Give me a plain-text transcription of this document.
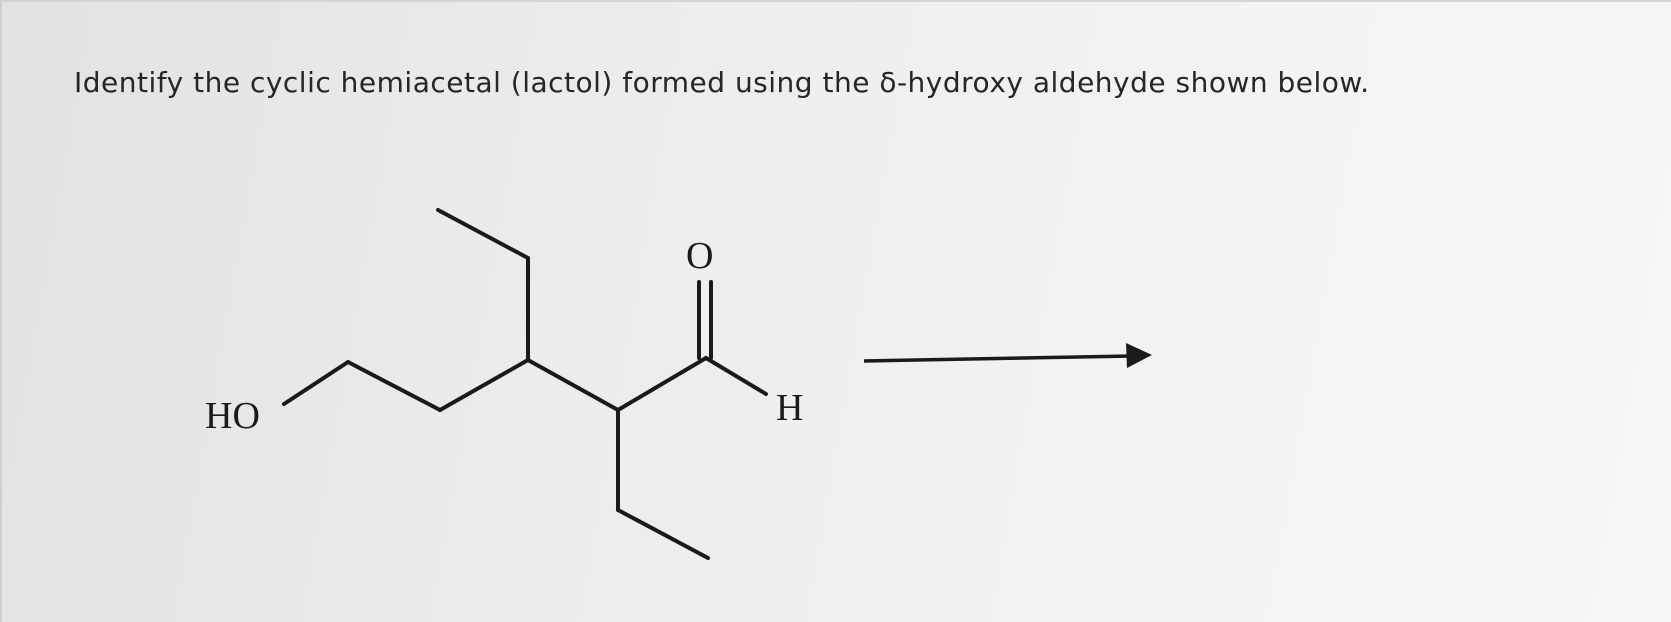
Identify the cyclic hemiacetal (lactol) formed using the δ-hydroxy aldehyde shown below.
HO
O
H
